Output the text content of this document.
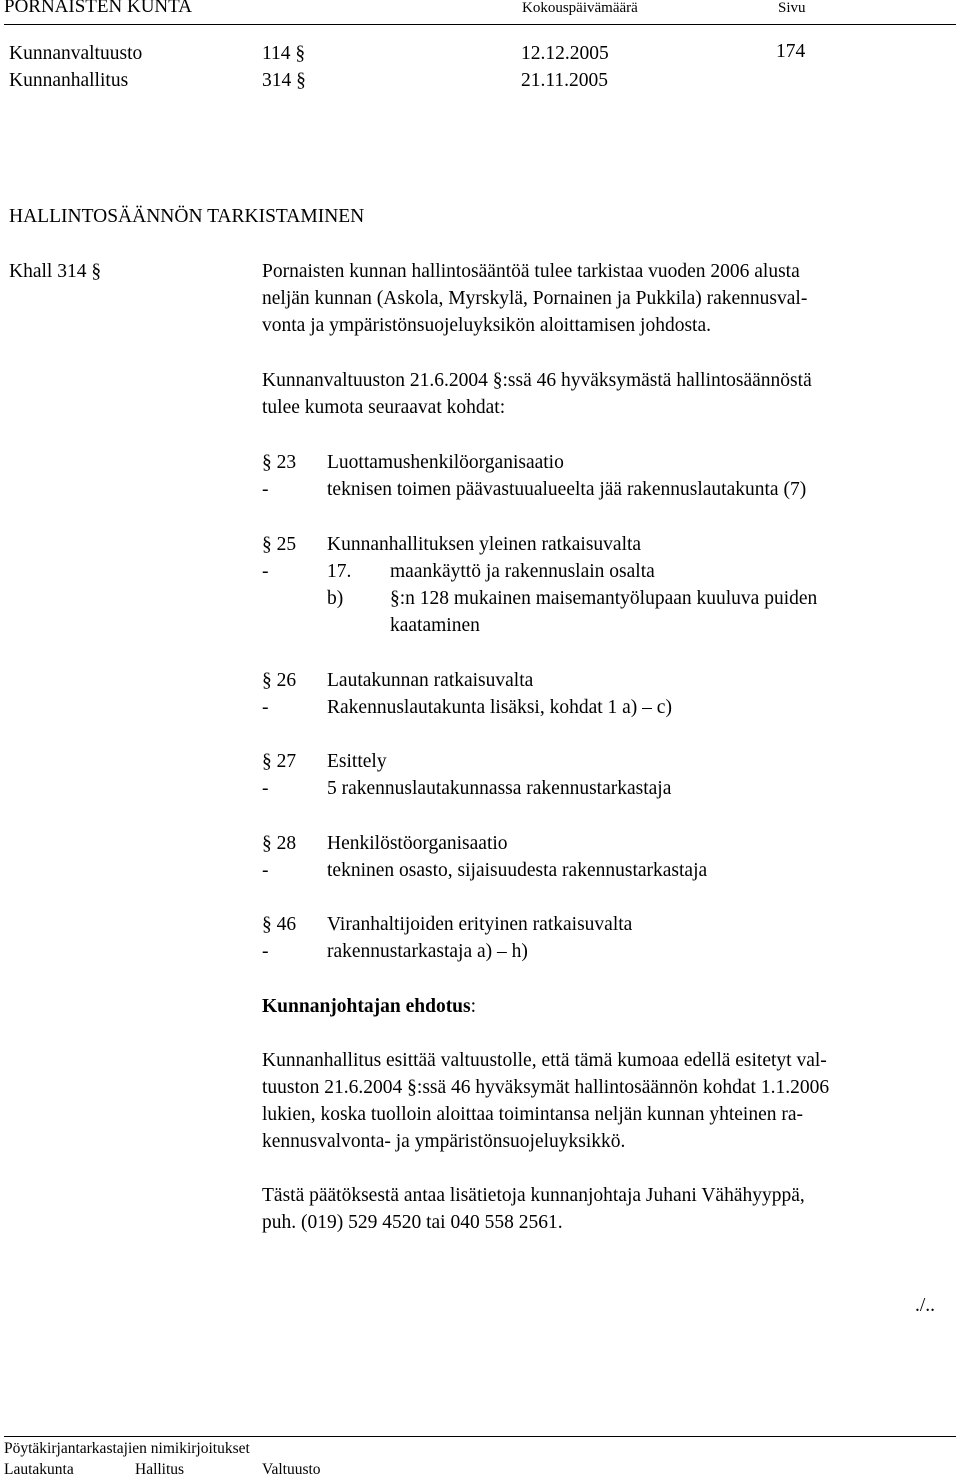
PORNAISTEN KUNTA	Kokouspäivämäärä	Sivu
Kunnanvaltuusto	114 §	12.12.2005	174
Kunnanhallitus	314 §	21.11.2005
HALLINTOSÄÄNNÖN TARKISTAMINEN
Khall 314 §	Pornaisten kunnan hallintosääntöä tulee tarkistaa vuoden 2006 alusta
neljän kunnan (Askola, Myrskylä, Pornainen ja Pukkila) rakennusval-
vonta ja ympäristönsuojeluyksikön aloittamisen johdosta.
Kunnanvaltuuston 21.6.2004 §:ssä 46 hyväksymästä hallintosäännöstä
tulee kumota seuraavat kohdat:
§ 23 Luottamushenkilöorganisaatio
-	teknisen toimen päävastuualueelta jää rakennuslautakunta (7)
§ 25 Kunnanhallituksen yleinen ratkaisuvalta
-	17. maankäyttö ja rakennuslain osalta
b) §:n 128 mukainen maisemantyölupaan kuuluva puiden
kaataminen
§ 26 Lautakunnan ratkaisuvalta
-	Rakennuslautakunta lisäksi, kohdat 1 a) – c)
§ 27 Esittely
-	5 rakennuslautakunnassa rakennustarkastaja
§ 28 Henkilöstöorganisaatio
-	tekninen osasto, sijaisuudesta rakennustarkastaja
§ 46 Viranhaltijoiden erityinen ratkaisuvalta
-	rakennustarkastaja a) – h)
Kunnanjohtajan ehdotus:
Kunnanhallitus esittää valtuustolle, että tämä kumoaa edellä esitetyt val-
tuuston 21.6.2004 §:ssä 46 hyväksymät hallintosäännön kohdat 1.1.2006
lukien, koska tuolloin aloittaa toimintansa neljän kunnan yhteinen ra-
kennusvalvonta- ja ympäristönsuojeluyksikkö.
Tästä päätöksestä antaa lisätietoja kunnanjohtaja Juhani Vähähyyppä,
puh. (019) 529 4520 tai 040 558 2561.
./..
Pöytäkirjantarkastajien nimikirjoitukset
Lautakunta	Hallitus	Valtuusto
